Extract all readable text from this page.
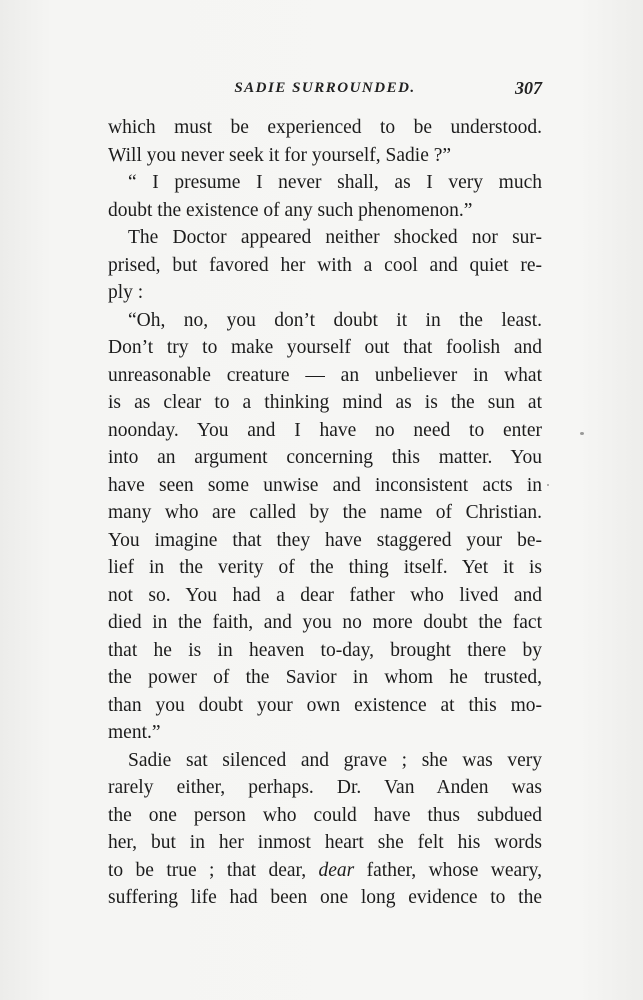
SADIE SURROUNDED.	307
which must be experienced to be understood.
Will you never seek it for yourself, Sadie ?”
“ I presume I never shall, as I very much
doubt the existence of any such phenomenon.”
The Doctor appeared neither shocked nor sur-
prised, but favored her with a cool and quiet re-
ply :
“Oh, no, you don’t doubt it in the least.
Don’t try to make yourself out that foolish and
unreasonable creature — an unbeliever in what
is as clear to a thinking mind as is the sun at
noonday. You and I have no need to enter
into an argument concerning this matter. You
have seen some unwise and inconsistent acts in
many who are called by the name of Christian.
You imagine that they have staggered your be-
lief in the verity of the thing itself. Yet it is
not so. You had a dear father who lived and
died in the faith, and you no more doubt the fact
that he is in heaven to-day, brought there by
the power of the Savior in whom he trusted,
than you doubt your own existence at this mo-
ment.”
Sadie sat silenced and grave ; she was very
rarely either, perhaps. Dr. Van Anden was
the one person who could have thus subdued
her, but in her inmost heart she felt his words
to be true ; that dear, dear father, whose weary,
suffering life had been one long evidence to the
